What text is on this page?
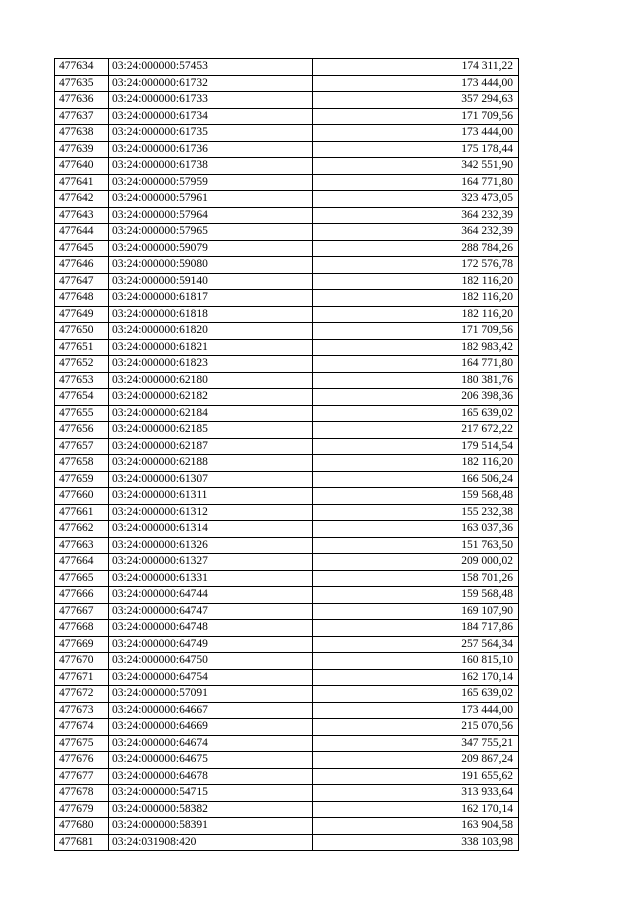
477634	03:24:000000:57453	174 311,22
477635	03:24:000000:61732	173 444,00
477636	03:24:000000:61733	357 294,63
477637	03:24:000000:61734	171 709,56
477638	03:24:000000:61735	173 444,00
477639	03:24:000000:61736	175 178,44
477640	03:24:000000:61738	342 551,90
477641	03:24:000000:57959	164 771,80
477642	03:24:000000:57961	323 473,05
477643	03:24:000000:57964	364 232,39
477644	03:24:000000:57965	364 232,39
477645	03:24:000000:59079	288 784,26
477646	03:24:000000:59080	172 576,78
477647	03:24:000000:59140	182 116,20
477648	03:24:000000:61817	182 116,20
477649	03:24:000000:61818	182 116,20
477650	03:24:000000:61820	171 709,56
477651	03:24:000000:61821	182 983,42
477652	03:24:000000:61823	164 771,80
477653	03:24:000000:62180	180 381,76
477654	03:24:000000:62182	206 398,36
477655	03:24:000000:62184	165 639,02
477656	03:24:000000:62185	217 672,22
477657	03:24:000000:62187	179 514,54
477658	03:24:000000:62188	182 116,20
477659	03:24:000000:61307	166 506,24
477660	03:24:000000:61311	159 568,48
477661	03:24:000000:61312	155 232,38
477662	03:24:000000:61314	163 037,36
477663	03:24:000000:61326	151 763,50
477664	03:24:000000:61327	209 000,02
477665	03:24:000000:61331	158 701,26
477666	03:24:000000:64744	159 568,48
477667	03:24:000000:64747	169 107,90
477668	03:24:000000:64748	184 717,86
477669	03:24:000000:64749	257 564,34
477670	03:24:000000:64750	160 815,10
477671	03:24:000000:64754	162 170,14
477672	03:24:000000:57091	165 639,02
477673	03:24:000000:64667	173 444,00
477674	03:24:000000:64669	215 070,56
477675	03:24:000000:64674	347 755,21
477676	03:24:000000:64675	209 867,24
477677	03:24:000000:64678	191 655,62
477678	03:24:000000:54715	313 933,64
477679	03:24:000000:58382	162 170,14
477680	03:24:000000:58391	163 904,58
477681	03:24:031908:420	338 103,98
